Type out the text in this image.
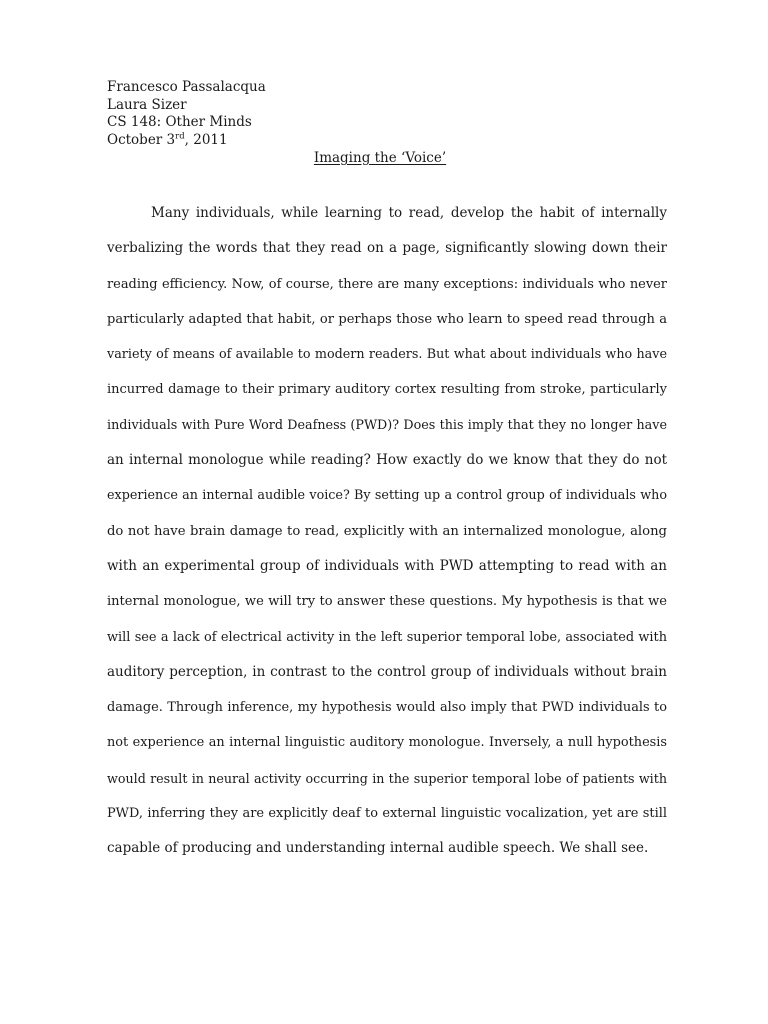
Francesco Passalacqua
Laura Sizer
CS 148: Other Minds
October 3rd, 2011
Imaging the ‘Voice’
Many individuals, while learning to read, develop the habit of internally
verbalizing the words that they read on a page, significantly slowing down their
reading efficiency. Now, of course, there are many exceptions: individuals who never
particularly adapted that habit, or perhaps those who learn to speed read through a
variety of means of available to modern readers. But what about individuals who have
incurred damage to their primary auditory cortex resulting from stroke, particularly
individuals with Pure Word Deafness (PWD)? Does this imply that they no longer have
an internal monologue while reading? How exactly do we know that they do not
experience an internal audible voice? By setting up a control group of individuals who
do not have brain damage to read, explicitly with an internalized monologue, along
with an experimental group of individuals with PWD attempting to read with an
internal monologue, we will try to answer these questions. My hypothesis is that we
will see a lack of electrical activity in the left superior temporal lobe, associated with
auditory perception, in contrast to the control group of individuals without brain
damage. Through inference, my hypothesis would also imply that PWD individuals to
not experience an internal linguistic auditory monologue. Inversely, a null hypothesis
would result in neural activity occurring in the superior temporal lobe of patients with
PWD, inferring they are explicitly deaf to external linguistic vocalization, yet are still
capable of producing and understanding internal audible speech. We shall see.
